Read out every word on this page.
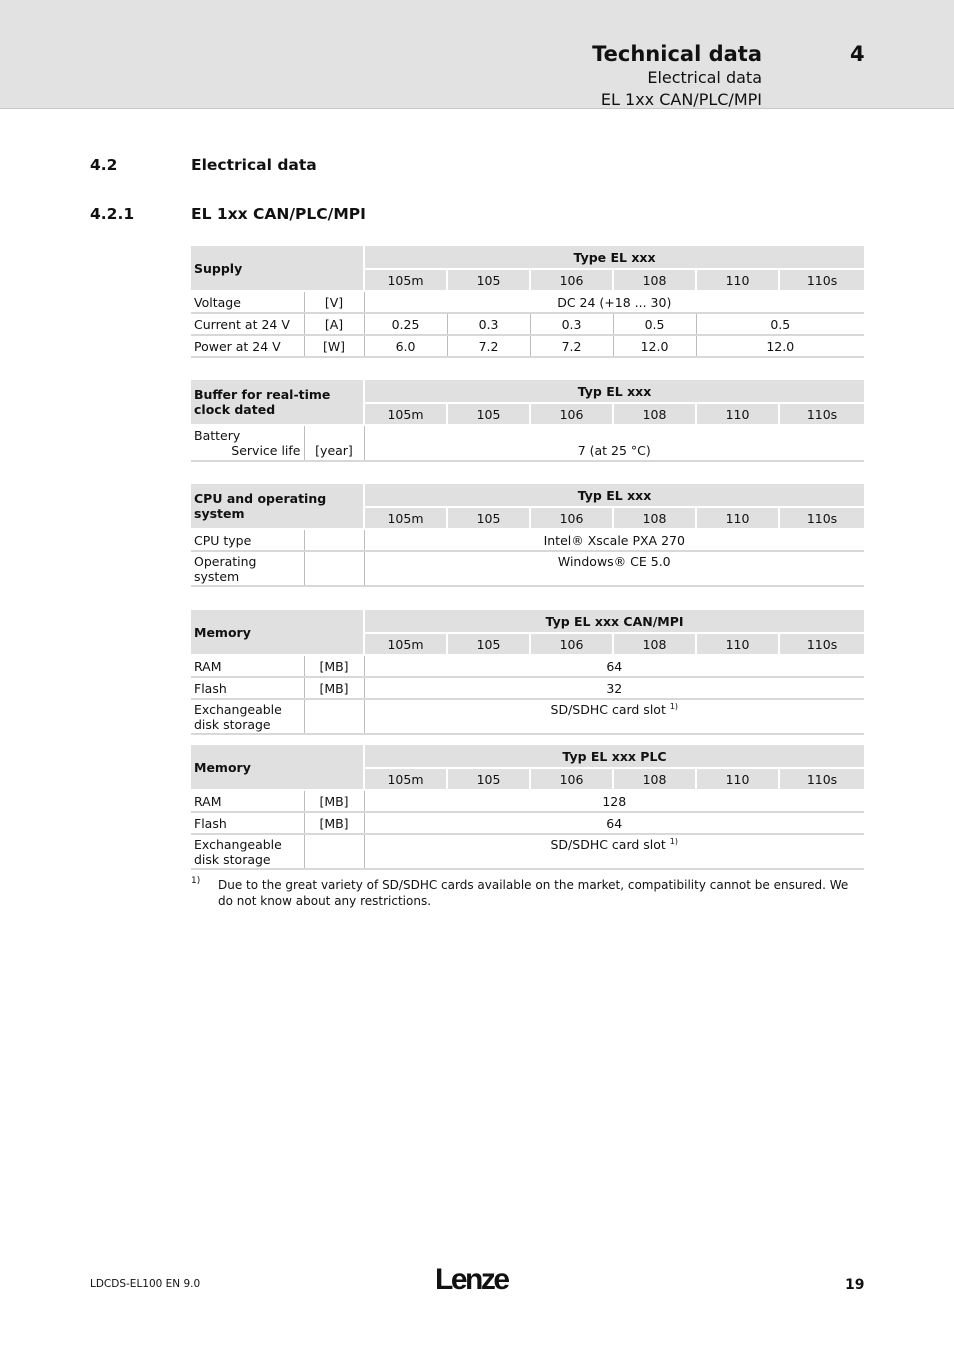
Technical data	4
Electrical data
EL 1xx CAN/PLC/MPI
4.2	Electrical data
4.2.1	EL 1xx CAN/PLC/MPI
Supply		Type EL xxx					
		105m	105	106	108	110	110s
Voltage	[V]	DC 24 (+18 ... 30)					
Current at 24 V	[A]	0.25	0.3	0.3	0.5	0.5	
Power at 24 V	[W]	6.0	7.2	7.2	12.0	12.0	
Buffer for real-time clock dated		Typ EL xxx					
		105m	105	106	108	110	110s

Battery
Service life	[year]	7 (at 25 °C)					
CPU and operating system		Typ EL xxx					
		105m	105	106	108	110	110s
CPU type		Intel® Xscale PXA 270					

Operating
system		Windows® CE 5.0					
Memory		Typ EL xxx CAN/MPI					
		105m	105	106	108	110	110s
RAM	[MB]	64					
Flash	[MB]	32					

Exchangeable
disk storage		SD/SDHC card slot $^{1)}$
Memory		Typ EL xxx PLC					
		105m	105	106	108	110	110s
RAM	[MB]	128					
Flash	[MB]	64					

Exchangeable
disk storage		SD/SDHC card slot $^{1)}$
1) Due to the great variety of SD/SDHC cards available on the market, compatibility cannot be ensured. We do not know about any restrictions.
LDCDS-EL100 EN 9.0	Lenze	19
